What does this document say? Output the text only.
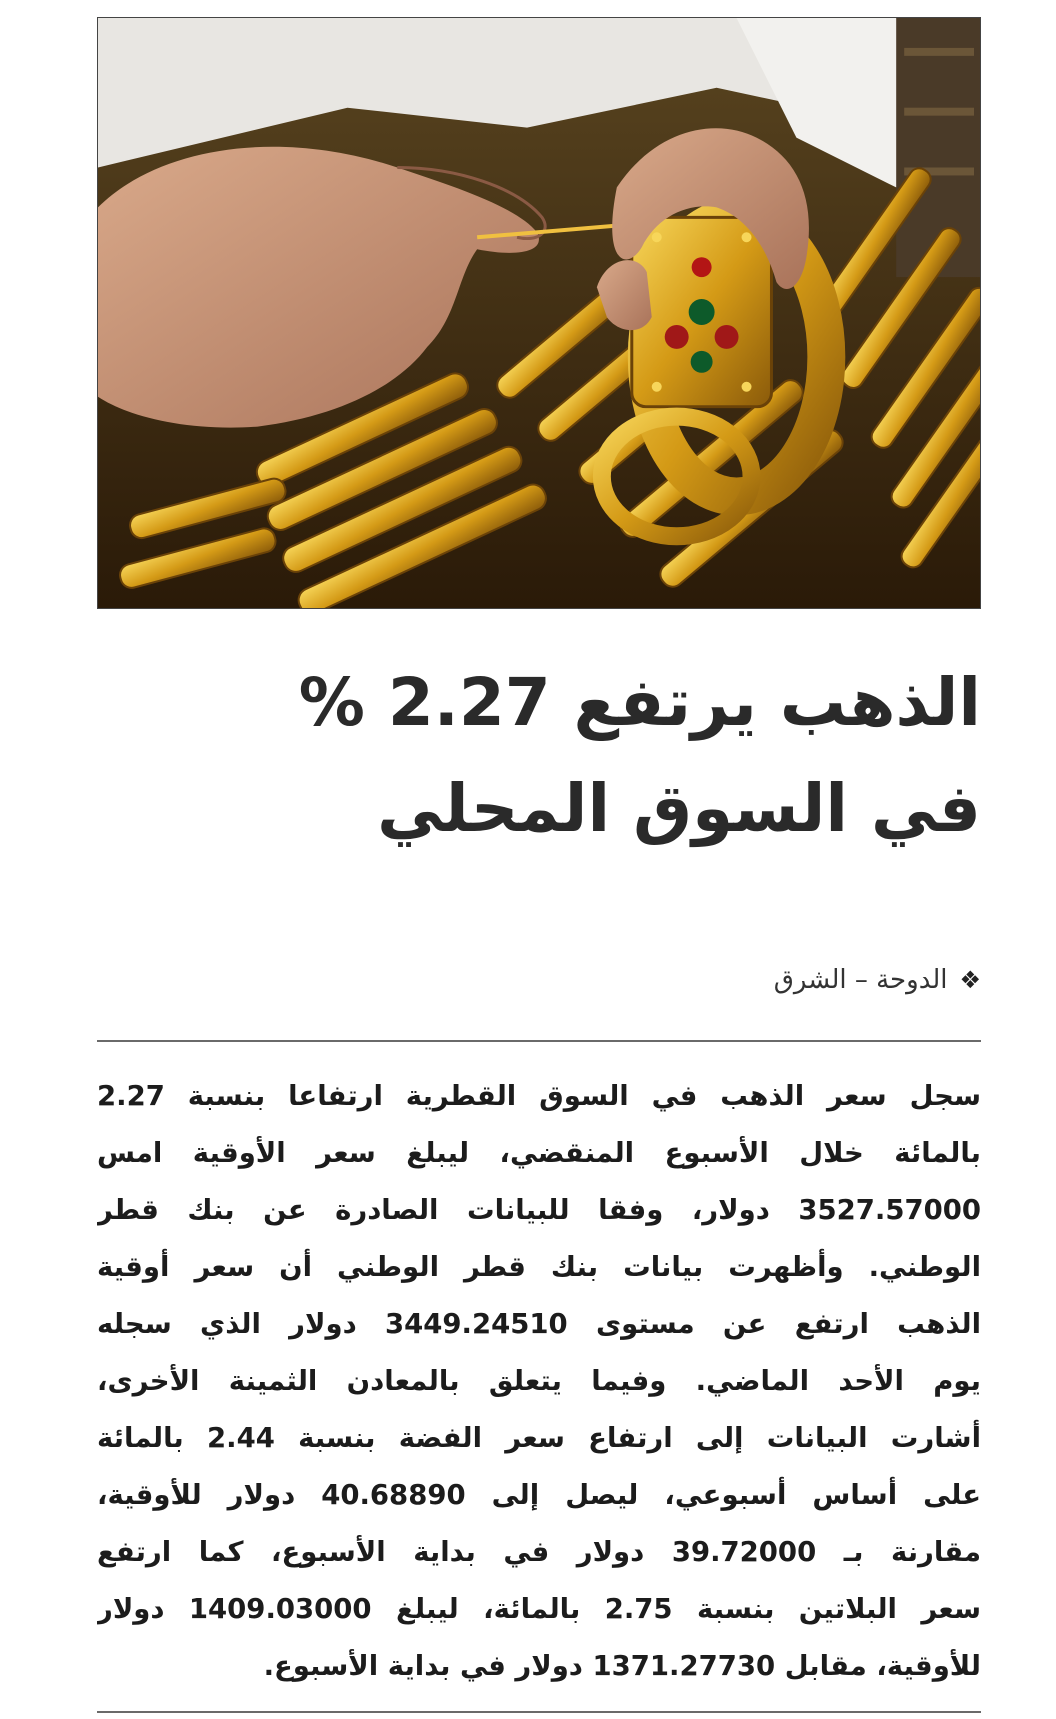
الذهب يرتفع 2.27 %
في السوق المحلي
❖الدوحة – الشرق
سجل سعر الذهب في السوق القطرية ارتفاعا بنسبة 2.27
بالمائة خلال الأسبوع المنقضي، ليبلغ سعر الأوقية امس
3527.57000 دولار، وفقا للبيانات الصادرة عن بنك قطر
الوطني. وأظهرت بيانات بنك قطر الوطني أن سعر أوقية
الذهب ارتفع عن مستوى 3449.24510 دولار الذي سجله
يوم الأحد الماضي. وفيما يتعلق بالمعادن الثمينة الأخرى،
أشارت البيانات إلى ارتفاع سعر الفضة بنسبة 2.44 بالمائة
على أساس أسبوعي، ليصل إلى 40.68890 دولار للأوقية،
مقارنة بـ 39.72000 دولار في بداية الأسبوع، كما ارتفع
سعر البلاتين بنسبة 2.75 بالمائة، ليبلغ 1409.03000 دولار
للأوقية، مقابل 1371.27730 دولار في بداية الأسبوع.
